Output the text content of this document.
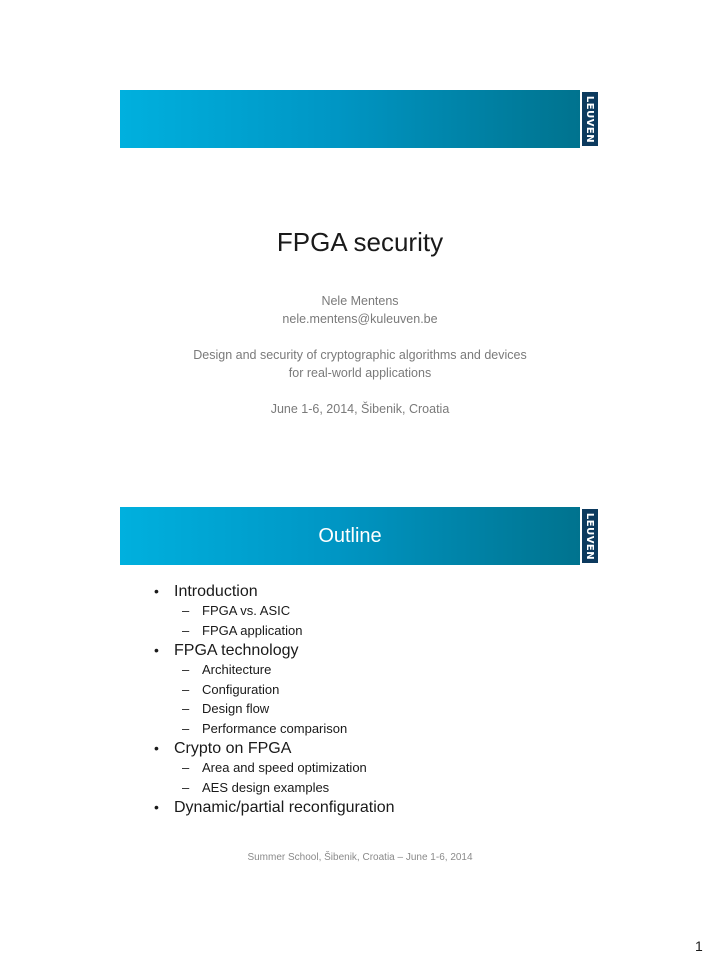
LEUVEN
FPGA security
Nele Mentens
nele.mentens@kuleuven.be
Design and security of cryptographic algorithms and devices
for real-world applications
June 1-6, 2014, Šibenik, Croatia
Outline	LEUVEN
• Introduction
– FPGA vs. ASIC
– FPGA application
• FPGA technology
– Architecture
– Configuration
– Design flow
– Performance comparison
• Crypto on FPGA
– Area and speed optimization
– AES design examples
• Dynamic/partial reconfiguration
Summer School, Šibenik, Croatia – June 1-6, 2014
1
